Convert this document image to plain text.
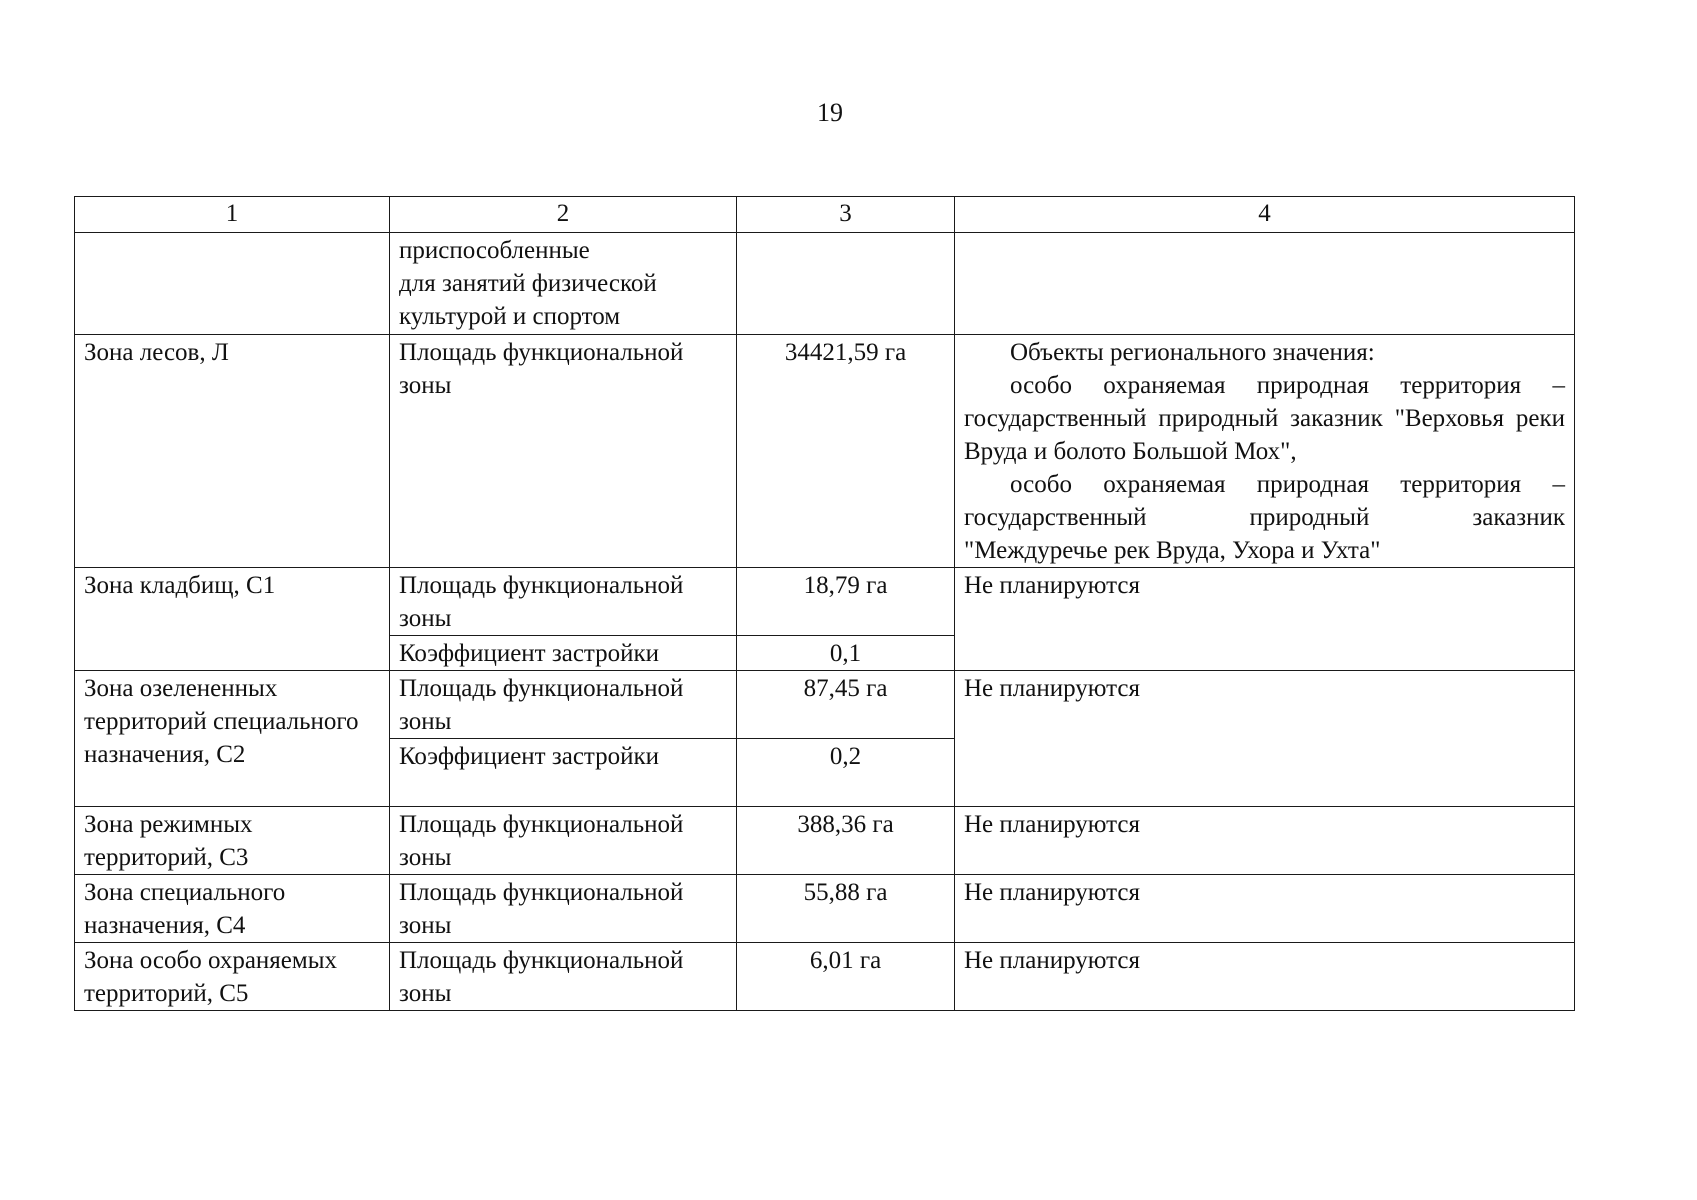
19
1	2	3	4

	приспособленные
для занятий физической
культурой и спортом		

Зона лесов, Л	Площадь функциональной зоны	34421,59 га	Объекты регионального значения:

особо охраняемая природная территория – государственный природный заказник "Верховья реки Вруда и болото Большой Мох",

особо охраняемая природная территория – государственный природный заказник

"Междуречье рек Вруда, Ухора и Ухта"

Зона кладбищ, С1	Площадь функциональной зоны	18,79 га	Не планируются
	Коэффициент застройки	0,1	
Зона озелененных территорий специального назначения, С2	Площадь функциональной зоны	87,45 га	Не планируются
	Коэффициент застройки	0,2	
Зона режимных территорий, С3	Площадь функциональной зоны	388,36 га	Не планируются
Зона специального назначения, С4	Площадь функциональной зоны	55,88 га	Не планируются
Зона особо охраняемых территорий, С5	Площадь функциональной зоны	6,01 га	Не планируются
